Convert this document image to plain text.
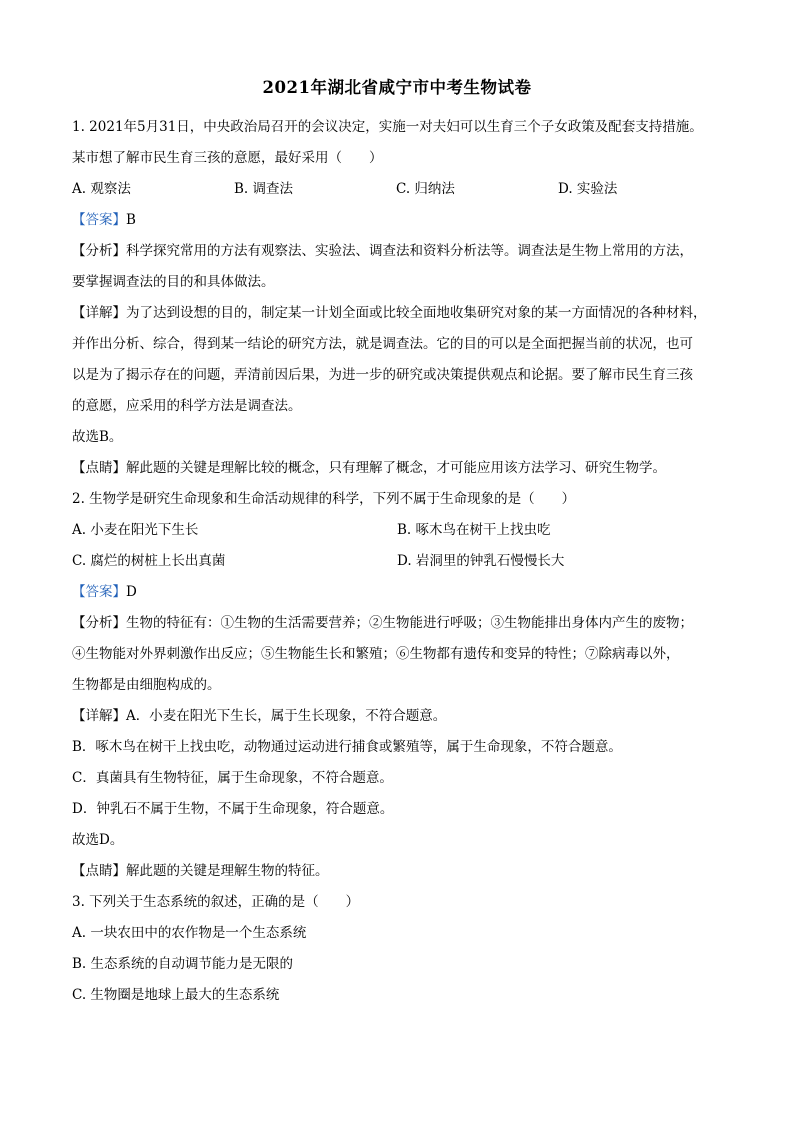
2021年湖北省咸宁市中考生物试卷
1. 2021年5月31日，中央政治局召开的会议决定，实施一对夫妇可以生育三个子女政策及配套支持措施。
某市想了解市民生育三孩的意愿，最好采用（　　）
A. 观察法	B. 调查法	C. 归纳法	D. 实验法
【答案】B
【分析】科学探究常用的方法有观察法、实验法、调查法和资料分析法等。调查法是生物上常用的方法，
要掌握调查法的目的和具体做法。
【详解】为了达到设想的目的，制定某一计划全面或比较全面地收集研究对象的某一方面情况的各种材料，
并作出分析、综合，得到某一结论的研究方法，就是调查法。它的目的可以是全面把握当前的状况，也可
以是为了揭示存在的问题，弄清前因后果，为进一步的研究或决策提供观点和论据。要了解市民生育三孩
的意愿，应采用的科学方法是调查法。
故选B。
【点睛】解此题的关键是理解比较的概念，只有理解了概念，才可能应用该方法学习、研究生物学。
2. 生物学是研究生命现象和生命活动规律的科学，下列不属于生命现象的是（　　）
A. 小麦在阳光下生长	B. 啄木鸟在树干上找虫吃
C. 腐烂的树桩上长出真菌	D. 岩洞里的钟乳石慢慢长大
【答案】D
【分析】生物的特征有：①生物的生活需要营养；②生物能进行呼吸；③生物能排出身体内产生的废物；
④生物能对外界刺激作出反应；⑤生物能生长和繁殖；⑥生物都有遗传和变异的特性；⑦除病毒以外，
生物都是由细胞构成的。
【详解】A．小麦在阳光下生长，属于生长现象，不符合题意。
B．啄木鸟在树干上找虫吃，动物通过运动进行捕食或繁殖等，属于生命现象，不符合题意。
C．真菌具有生物特征，属于生命现象，不符合题意。
D．钟乳石不属于生物，不属于生命现象，符合题意。
故选D。
【点睛】解此题的关键是理解生物的特征。
3. 下列关于生态系统的叙述，正确的是（　　）
A. 一块农田中的农作物是一个生态系统
B. 生态系统的自动调节能力是无限的
C. 生物圈是地球上最大的生态系统
